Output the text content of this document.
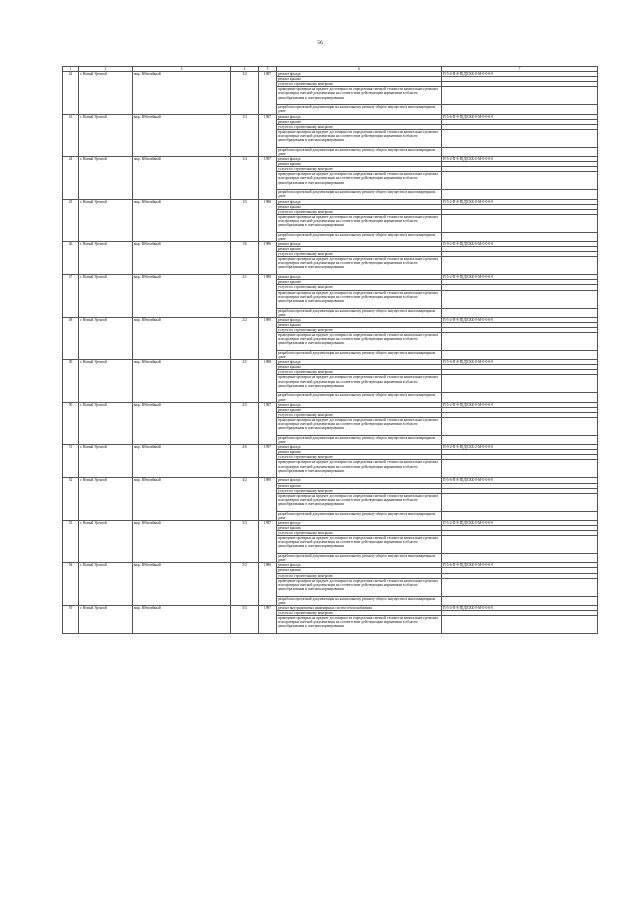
56
1	2	3	4	5	6	7
42	г. Новый Уренгой	мкр. Юбилейный	1/2	1987	ремонт фасада	П-5-4-П-8-П[Д]СКБ-0-М-0-0-0-0
					ремонт крыши	
					услуги по строительному контролю	
					проведение проверки на предмет достоверности определения сметной стоимости капитального ремонта или проверки сметной документации на соответствие действующим нормативам в области ценообразования в сметном нормировании	
					разработка проектной документации на капитальному ремонту общего имущества в многоквартирном доме	
43	г. Новый Уренгой	мкр. Юбилейный	1/3	1987	ремонт фасада	П-5-6-П-8-П[Д]СКБ-0-М-0-0-0-0
					ремонт крыши	
					услуги по строительному контролю	
					проведение проверки на предмет достоверности определения сметной стоимости капитального ремонта или проверки сметной документации на соответствие действующим нормативам в области ценообразования в сметном нормировании	
					разработка проектной документации на капитальному ремонту общего имущества в многоквартирном доме	
44	г. Новый Уренгой	мкр. Юбилейный	1/4	1987	ремонт фасада	П-5-2-П-8-П[Д]СКБ-0-М-0-0-0-0
					ремонт крыши	
					услуги по строительному контролю	
					проведение проверки на предмет достоверности определения сметной стоимости капитального ремонта или проверки сметной документации на соответствие действующим нормативам в области ценообразования в сметном нормировании	
					разработка проектной документации на капитальному ремонту общего имущества в многоквартирном доме	
45	г. Новый Уренгой	мкр. Юбилейный	1/5	1986	ремонт фасада	П-5-2-П-8-П[Д]СКБ-0-М-0-0-0-0
					ремонт крыши	
					услуги по строительному контролю	
					проведение проверки на предмет достоверности определения сметной стоимости капитального ремонта или проверки сметной документации на соответствие действующим нормативам в области ценообразования в сметном нормировании	
					разработка проектной документации на капитальному ремонту общего имущества в многоквартирном доме	
46	г. Новый Уренгой	мкр. Юбилейный	1/6	1986	ремонт фасада	П-9-2-П-8-П[Д]СКБ-0-М-0-0-0-0
					ремонт крыши	
					услуги по строительному контролю	
					проведение проверки на предмет достоверности определения сметной стоимости капитального ремонта или проверки сметной документации на соответствие действующим нормативам в области ценообразования в сметном нормировании	
47	г. Новый Уренгой	мкр. Юбилейный	2/1	1988	ремонт фасада	П-5-2-П-8-П[Д]СКБ-0-М-0-0-0-0
					ремонт крыши	
					услуги по строительному контролю	
					проведение проверки на предмет достоверности определения сметной стоимости капитального ремонта или проверки сметной документации на соответствие действующим нормативам в области ценообразования в сметном нормировании	
					разработка проектной документации на капитальному ремонту общего имущества в многоквартирном доме	
48	г. Новый Уренгой	мкр. Юбилейный	2/2	1989	ремонт фасада	П-5-2-П-8-П[Д]СКБ-0-М-0-0-0-0
					ремонт крыши	
					услуги по строительному контролю	
					проведение проверки на предмет достоверности определения сметной стоимости капитального ремонта или проверки сметной документации на соответствие действующим нормативам в области ценообразования в сметном нормировании	
					разработка проектной документации на капитальному ремонту общего имущества в многоквартирном доме	
49	г. Новый Уренгой	мкр. Юбилейный	2/5	1988	ремонт фасада	П-5-6-П-8-П[Д]СКБ-0-М-0-0-0-0
					ремонт крыши	
					услуги по строительному контролю	
					проведение проверки на предмет достоверности определения сметной стоимости капитального ремонта или проверки сметной документации на соответствие действующим нормативам в области ценообразования в сметном нормировании	
					разработка проектной документации на капитальному ремонту общего имущества в многоквартирном доме	
50	г. Новый Уренгой	мкр. Юбилейный	2/5	1987	ремонт фасада	П-5-2-П-8-П[Д]СКБ-0-М-0-0-0-0
					ремонт крыши	
					услуги по строительному контролю	
					проведение проверки на предмет достоверности определения сметной стоимости капитального ремонта или проверки сметной документации на соответствие действующим нормативам в области ценообразования в сметном нормировании	
					разработка проектной документации на капитальному ремонту общего имущества в многоквартирном доме	
51	г. Новый Уренгой	мкр. Юбилейный	2/6	1997	ремонт фасада	П-9-2-П-8-П[Д]СКБ-2-М-0-0-0-0
					ремонт крыши	
					услуги по строительному контролю	
					проведение проверки на предмет достоверности определения сметной стоимости капитального ремонта или проверки сметной документации на соответствие действующим нормативам в области ценообразования в сметном нормировании	
52	г. Новый Уренгой	мкр. Юбилейный	4/2	1989	ремонт фасада	П-5-6-П-8-П[Д]СКБ-0-М-0-0-0-0
					ремонт крыши	
					услуги по строительному контролю	
					проведение проверки на предмет достоверности определения сметной стоимости капитального ремонта или проверки сметной документации на соответствие действующим нормативам в области ценообразования в сметном нормировании	
					разработка проектной документации на капитальному ремонту общего имущества в многоквартирном доме	
53	г. Новый Уренгой	мкр. Юбилейный	5/3	1987	ремонт фасада	П-5-2-П-8-П[Д]СКБ-0-М-0-0-0-0
					ремонт крыши	
					услуги по строительному контролю	
					проведение проверки на предмет достоверности определения сметной стоимости капитального ремонта или проверки сметной документации на соответствие действующим нормативам в области ценообразования в сметном нормировании	
					разработка проектной документации на капитальному ремонту общего имущества в многоквартирном доме	
54	г. Новый Уренгой	мкр. Юбилейный	5/2	1986	ремонт фасада	П-5-6-П-8-П[Д]СКБ-0-М-0-0-0-0
					ремонт крыши	
					услуги по строительному контролю	
					проведение проверки на предмет достоверности определения сметной стоимости капитального ремонта или проверки сметной документации на соответствие действующим нормативам в области ценообразования в сметном нормировании	
					разработка проектной документации на капитальному ремонту общего имущества в многоквартирном доме	
55	г. Новый Уренгой	мкр. Юбилейный	5/3	1987	ремонт внутридомовых инженерных систем теплоснабжения	П-5-4-П-8-П[Д]СКБ-0-М-0-0-0-0
					услуги по строительному контролю	
					проведение проверки на предмет достоверности определения сметной стоимости капитального ремонта или проверки сметной документации на соответствие действующим нормативам в области ценообразования в сметном нормировании	
